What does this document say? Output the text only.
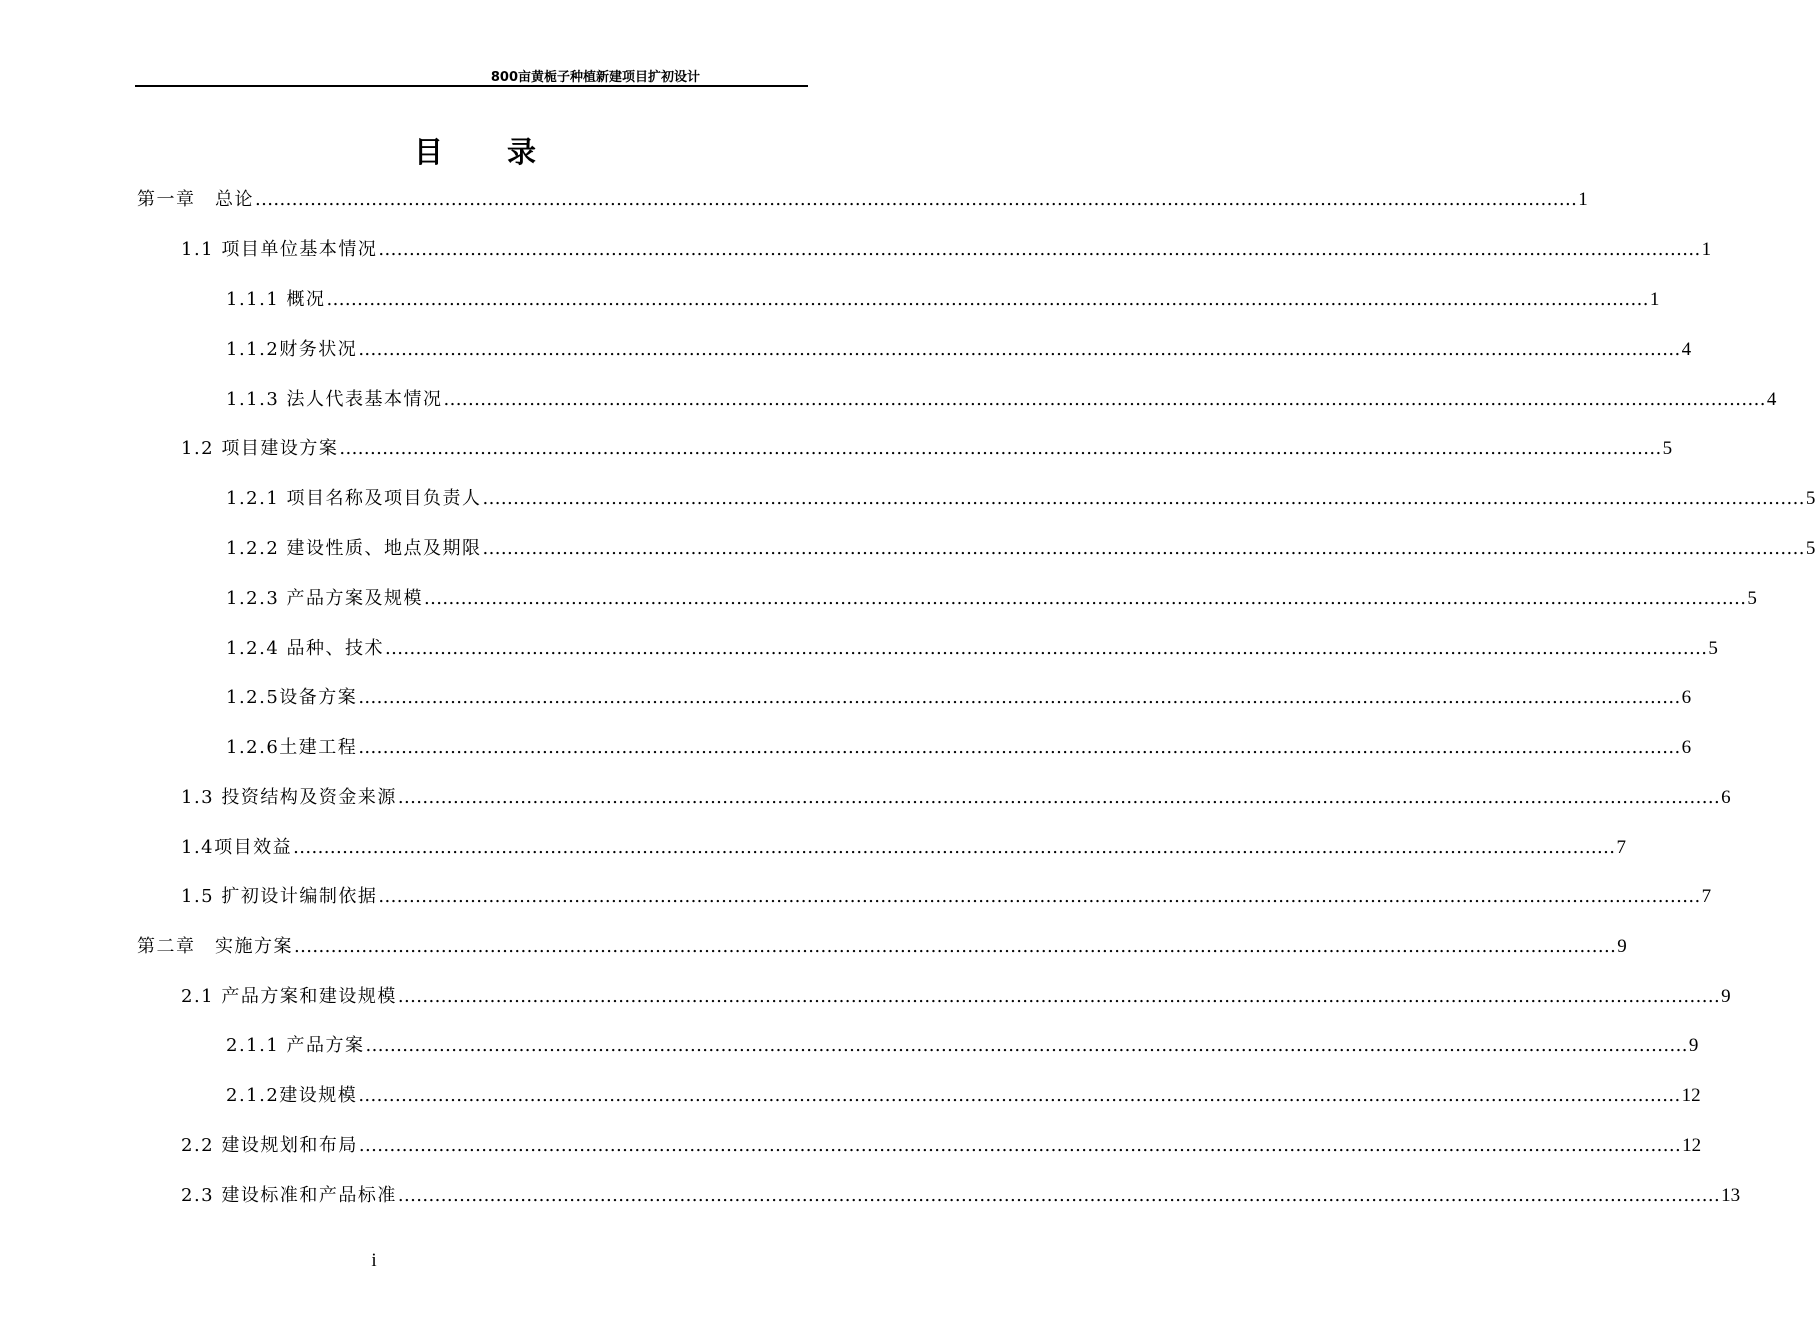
800亩黄栀子种植新建项目扩初设计
目录
第一章　总论 ........................................................................................................................................................................................................................ 1
1.1 项目单位基本情况 ........................................................................................................................................................................................................................ 1
1.1.1 概况 ........................................................................................................................................................................................................................ 1
1.1.2财务状况 ........................................................................................................................................................................................................................ 4
1.1.3 法人代表基本情况 ........................................................................................................................................................................................................................ 4
1.2 项目建设方案 ........................................................................................................................................................................................................................ 5
1.2.1 项目名称及项目负责人 ........................................................................................................................................................................................................................ 5
1.2.2 建设性质、地点及期限 ........................................................................................................................................................................................................................ 5
1.2.3 产品方案及规模 ........................................................................................................................................................................................................................ 5
1.2.4 品种、技术 ........................................................................................................................................................................................................................ 5
1.2.5设备方案 ........................................................................................................................................................................................................................ 6
1.2.6土建工程 ........................................................................................................................................................................................................................ 6
1.3 投资结构及资金来源 ........................................................................................................................................................................................................................ 6
1.4项目效益 ........................................................................................................................................................................................................................ 7
1.5 扩初设计编制依据 ........................................................................................................................................................................................................................ 7
第二章　实施方案 ........................................................................................................................................................................................................................ 9
2.1 产品方案和建设规模 ........................................................................................................................................................................................................................ 9
2.1.1 产品方案 ........................................................................................................................................................................................................................ 9
2.1.2建设规模 ........................................................................................................................................................................................................................ 12
2.2 建设规划和布局 ........................................................................................................................................................................................................................ 12
2.3 建设标准和产品标准 ........................................................................................................................................................................................................................ 13
i
